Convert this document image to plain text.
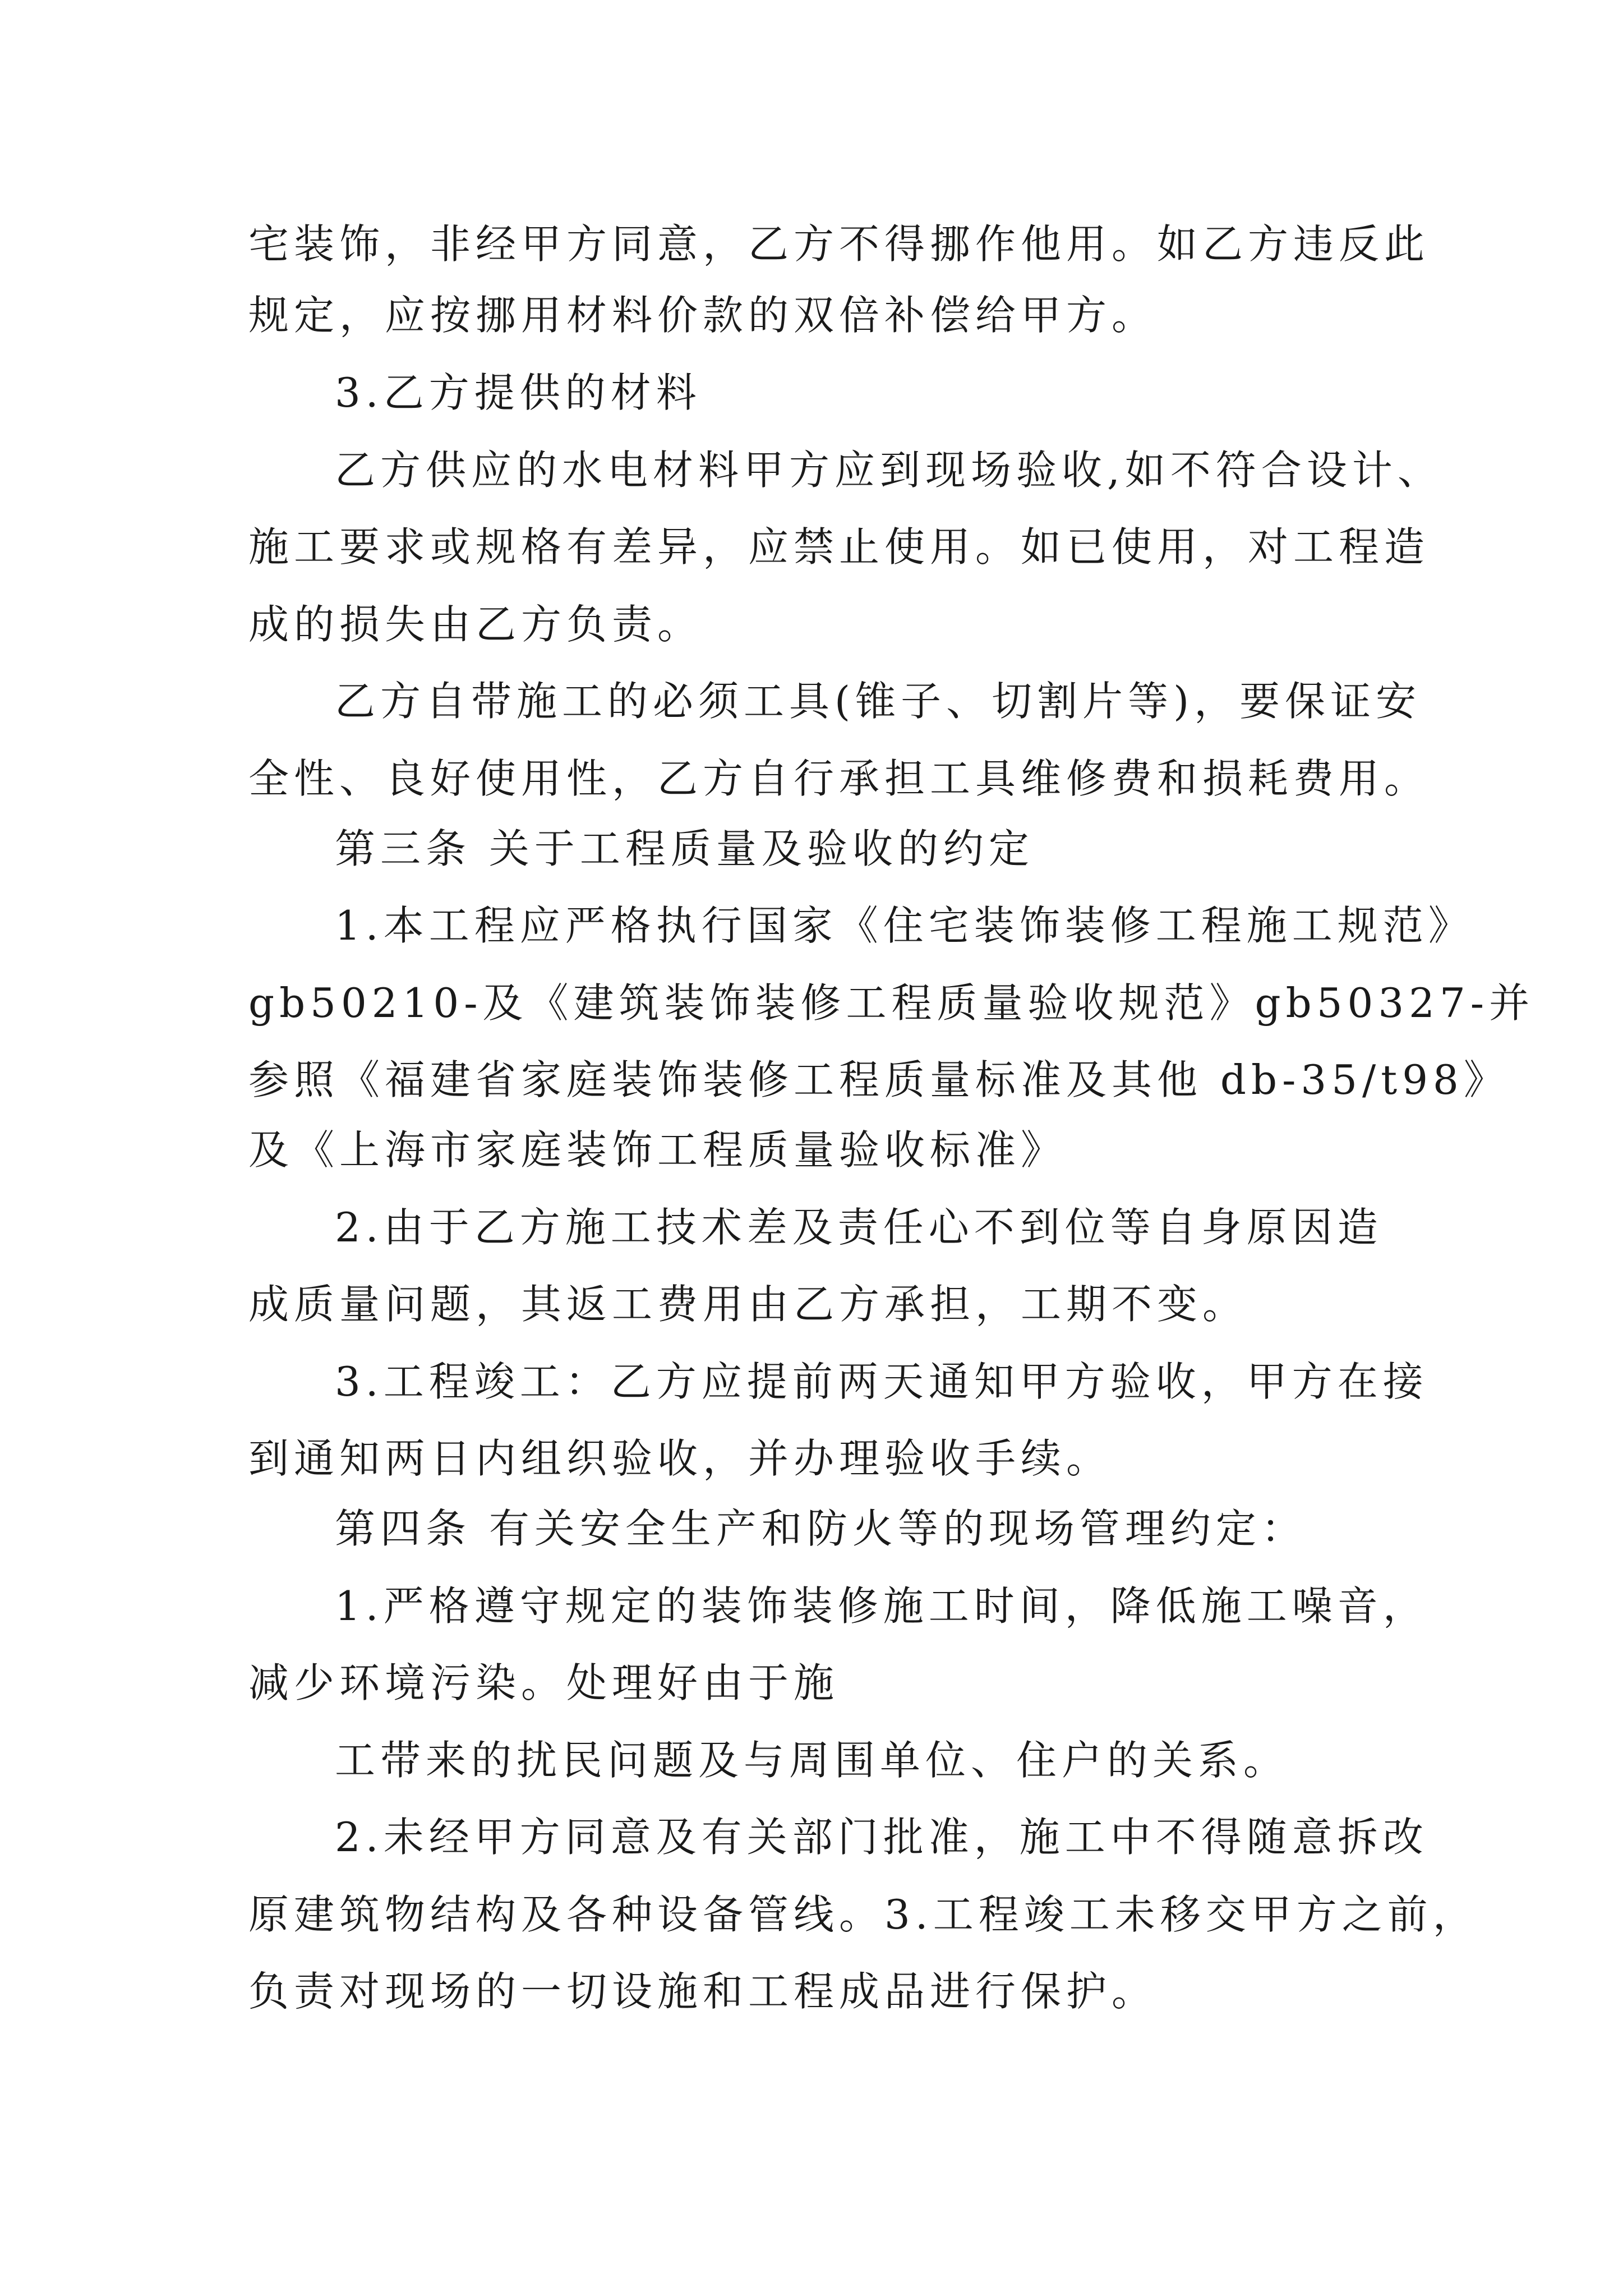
宅装饰，非经甲方同意，乙方不得挪作他用。如乙方违反此
规定，应按挪用材料价款的双倍补偿给甲方。
3.乙方提供的材料
乙方供应的水电材料甲方应到现场验收,如不符合设计、
施工要求或规格有差异，应禁止使用。如已使用，对工程造
成的损失由乙方负责。
乙方自带施工的必须工具(锥子、切割片等)，要保证安
全性、良好使用性，乙方自行承担工具维修费和损耗费用。
第三条 关于工程质量及验收的约定
1.本工程应严格执行国家《住宅装饰装修工程施工规范》
gb50210-及《建筑装饰装修工程质量验收规范》gb50327-并
参照《福建省家庭装饰装修工程质量标准及其他 db-35/t98》
及《上海市家庭装饰工程质量验收标准》
2.由于乙方施工技术差及责任心不到位等自身原因造
成质量问题，其返工费用由乙方承担，工期不变。
3.工程竣工：乙方应提前两天通知甲方验收，甲方在接
到通知两日内组织验收，并办理验收手续。
第四条 有关安全生产和防火等的现场管理约定：
1.严格遵守规定的装饰装修施工时间，降低施工噪音，
减少环境污染。处理好由于施
工带来的扰民问题及与周围单位、住户的关系。
2.未经甲方同意及有关部门批准，施工中不得随意拆改
原建筑物结构及各种设备管线。3.工程竣工未移交甲方之前，
负责对现场的一切设施和工程成品进行保护。
